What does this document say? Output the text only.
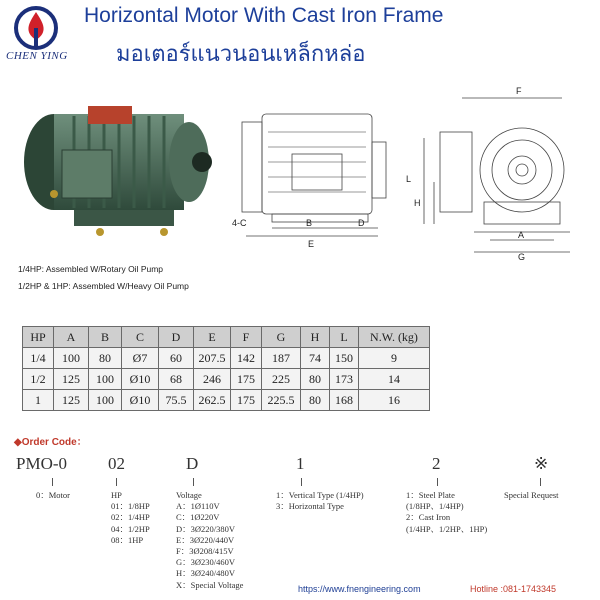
CHEN YING
Horizontal Motor With Cast Iron Frame
มอเตอร์แนวนอนเหล็กหล่อ
B	D
E
4-C
F
A
G
L
H
1/4HP: Assembled W/Rotary Oil Pump
1/2HP & 1HP: Assembled W/Heavy Oil Pump
HP	A	B	C	D	E	F	G	H	L	N.W. (kg)
1/4	100	80	Ø7	60	207.5	142	187	74	150	9
1/2	125	100	Ø10	68	246	175	225	80	173	14
1	125	100	Ø10	75.5	262.5	175	225.5	80	168	16
◆Order Code：
PMO-0 02	D	1	2	※
0：Motor	HP
01：1/8HP
02：1/4HP
04：1/2HP
08：1HP
Voltage
A：1Ø110V
C：1Ø220V
D：3Ø220/380V
E：3Ø220/440V
F：3Ø208/415V
G：3Ø230/460V
H：3Ø240/480V
X：Special Voltage
1：Vertical Type (1/4HP)
3：Horizontal Type
1：Steel Plate
(1/8HP、1/4HP)
2：Cast Iron
(1/4HP、1/2HP、1HP)
Special Request
https://www.fnengineering.com	Hotline :081-1743345
